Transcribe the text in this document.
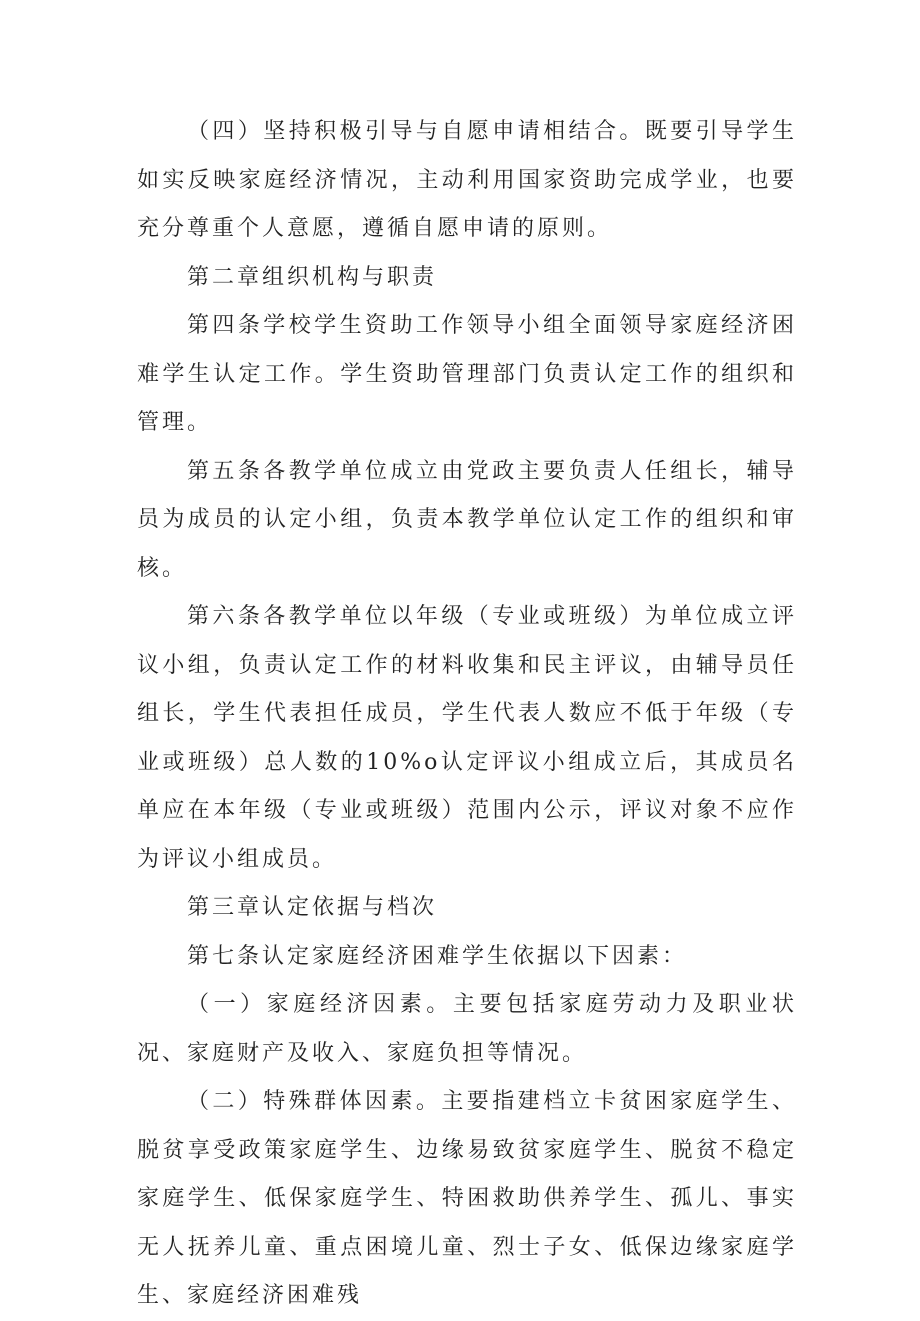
（四）坚持积极引导与自愿申请相结合。既要引导学生如实反映家庭经济情况，主动利用国家资助完成学业，也要充分尊重个人意愿，遵循自愿申请的原则。

第二章组织机构与职责

第四条学校学生资助工作领导小组全面领导家庭经济困难学生认定工作。学生资助管理部门负责认定工作的组织和管理。

第五条各教学单位成立由党政主要负责人任组长，辅导员为成员的认定小组，负责本教学单位认定工作的组织和审核。

第六条各教学单位以年级（专业或班级）为单位成立评议小组，负责认定工作的材料收集和民主评议，由辅导员任组长，学生代表担任成员，学生代表人数应不低于年级（专业或班级）总人数的10%o认定评议小组成立后，其成员名单应在本年级（专业或班级）范围内公示，评议对象不应作为评议小组成员。

第三章认定依据与档次

第七条认定家庭经济困难学生依据以下因素：

（一）家庭经济因素。主要包括家庭劳动力及职业状况、家庭财产及收入、家庭负担等情况。

（二）特殊群体因素。主要指建档立卡贫困家庭学生、脱贫享受政策家庭学生、边缘易致贫家庭学生、脱贫不稳定家庭学生、低保家庭学生、特困救助供养学生、孤儿、事实无人抚养儿童、重点困境儿童、烈士子女、低保边缘家庭学生、家庭经济困难残
